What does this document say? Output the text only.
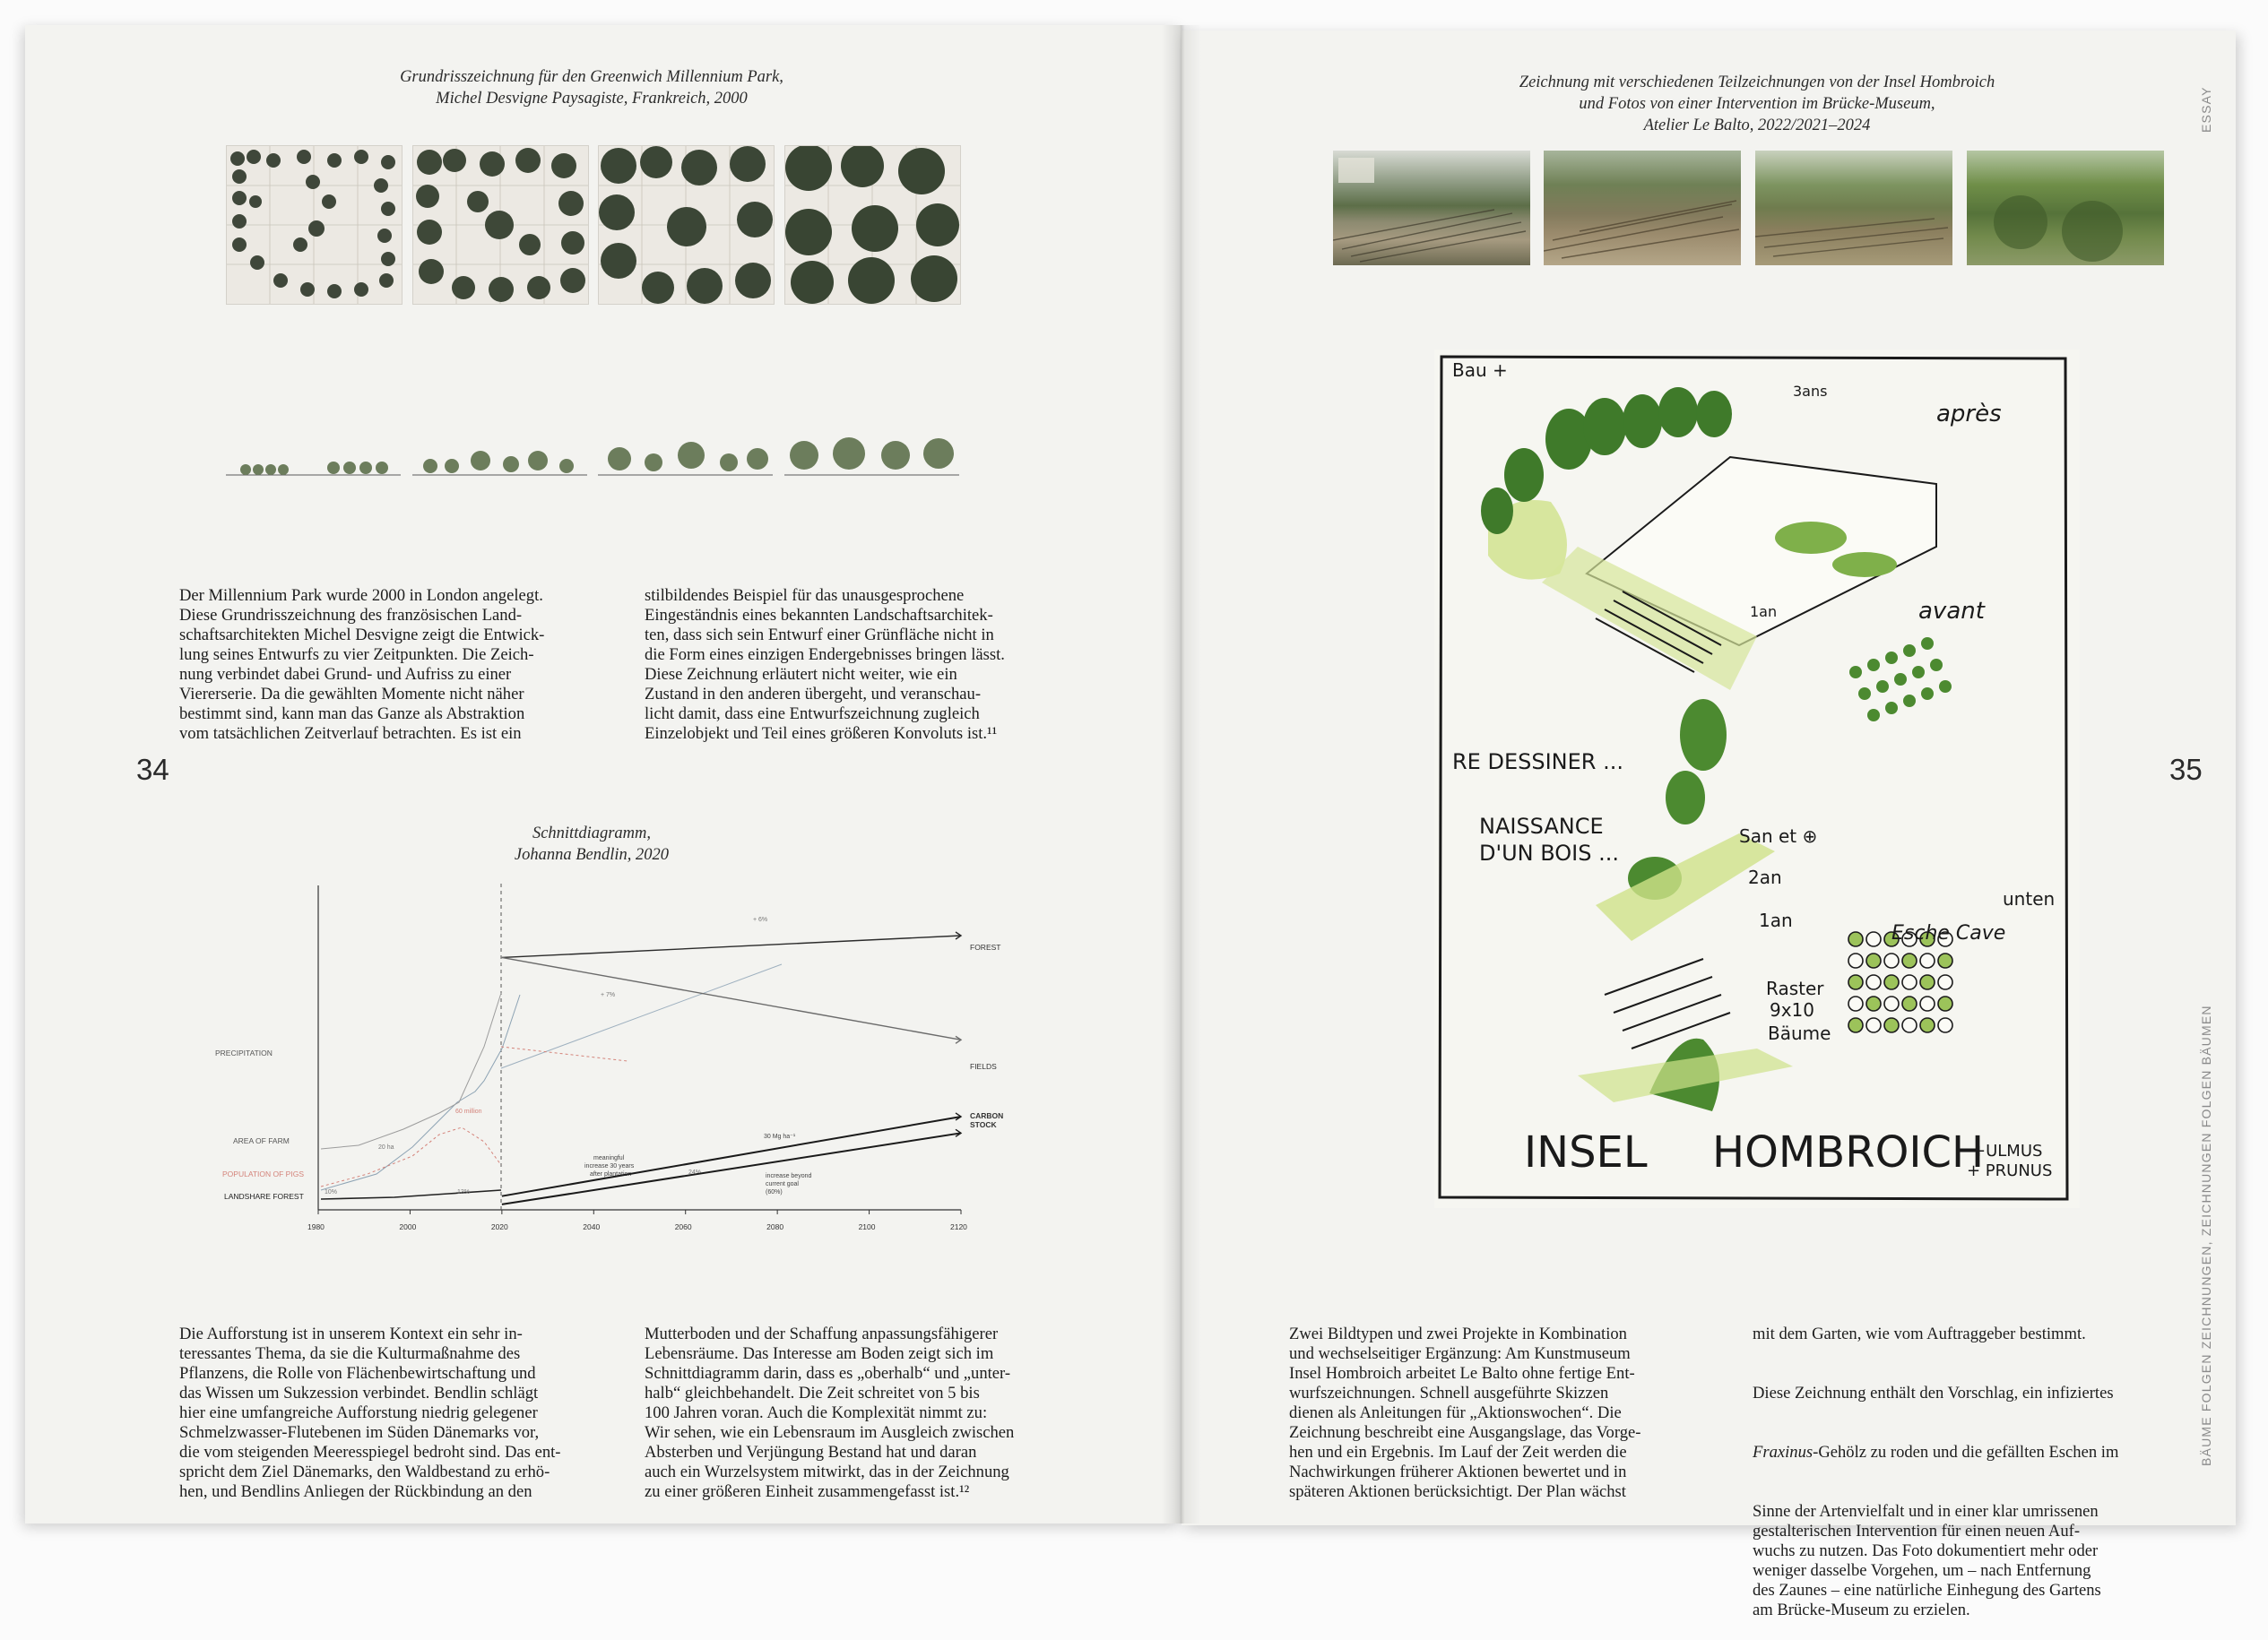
Grundrisszeichnung für den Greenwich Millennium Park,
Michel Desvigne Paysagiste, Frankreich, 2000

Der Millennium Park wurde 2000 in London angelegt.
Diese Grundrisszeichnung des französischen Land-
schaftsarchitekten Michel Desvigne zeigt die Entwick-
lung seines Entwurfs zu vier Zeitpunkten. Die Zeich-
nung verbindet dabei Grund- und Aufriss zu einer
Viererserie. Da die gewählten Momente nicht näher
bestimmt sind, kann man das Ganze als Abstraktion
vom tatsächlichen Zeitverlauf betrachten. Es ist ein

stilbildendes Beispiel für das unausgesprochene
Eingeständnis eines bekannten Landschaftsarchitek-
ten, dass sich sein Entwurf einer Grünfläche nicht in
die Form eines einzigen Endergebnisses bringen lässt.
Diese Zeichnung erläutert nicht weiter, wie ein
Zustand in den anderen übergeht, und veranschau-
licht damit, dass eine Entwurfszeichnung zugleich
Einzelobjekt und Teil eines größeren Konvoluts ist.¹¹

34
Schnittdiagramm,
Johanna Bendlin, 2020
PRECIPITATION
AREA OF FARM
POPULATION OF PIGS
LANDSHARE FOREST
20 ha
60 million
13%
10%
24%
+ 6%
+ 7%
30 Mg ha⁻¹
meaningful
increase 30 years
after plantation	increase beyond
current goal
(60%)
FOREST
FIELDS
CARBON
STOCK
1980	2000	2020	2040	2060	2080	2100	2120

Die Aufforstung ist in unserem Kontext ein sehr in-
teressantes Thema, da sie die Kulturmaßnahme des
Pflanzens, die Rolle von Flächenbewirtschaftung und
das Wissen um Sukzession verbindet. Bendlin schlägt
hier eine umfangreiche Aufforstung niedrig gelegener
Schmelzwasser-Flutebenen im Süden Dänemarks vor,
die vom steigenden Meeresspiegel bedroht sind. Das ent-
spricht dem Ziel Dänemarks, den Waldbestand zu erhö-
hen, und Bendlins Anliegen der Rückbindung an den

Mutterboden und der Schaffung anpassungsfähigerer
Lebensräume. Das Interesse am Boden zeigt sich im
Schnittdiagramm darin, dass es „oberhalb“ und „unter-
halb“ gleichbehandelt. Die Zeit schreitet von 5 bis
100 Jahren voran. Auch die Komplexität nimmt zu:
Wir sehen, wie ein Lebensraum im Ausgleich zwischen
Absterben und Verjüngung Bestand hat und daran
auch ein Wurzelsystem mitwirkt, das in der Zeichnung
zu einer größeren Einheit zusammengefasst ist.¹²

Zeichnung mit verschiedenen Teilzeichnungen von der Insel Hombroich
und Fotos von einer Intervention im Brücke-Museum,
Atelier Le Balto, 2022/2021–2024	ESSAY
BÄUME FOLGEN ZEICHNUNGEN, ZEICHNUNGEN FOLGEN BÄUMEN
Bau +
3ans
après
avant
1an
RE DESSINER ...
NAISSANCE
D'UN BOIS ...
San et ⊕
2an
1an
unten
Esche Cave
Raster
9x10
Bäume
INSEL HOMBROICH
+ULMUS
+ PRUNUS
35

Zwei Bildtypen und zwei Projekte in Kombination
und wechselseitiger Ergänzung: Am Kunstmuseum
Insel Hombroich arbeitet Le Balto ohne fertige Ent-
wurfszeichnungen. Schnell ausgeführte Skizzen
dienen als Anleitungen für „Aktionswochen“. Die
Zeichnung beschreibt eine Ausgangslage, das Vorge-
hen und ein Ergebnis. Im Lauf der Zeit werden die
Nachwirkungen früherer Aktionen bewertet und in
späteren Aktionen berücksichtigt. Der Plan wächst

mit dem Garten, wie vom Auftraggeber bestimmt.

Diese Zeichnung enthält den Vorschlag, ein infiziertes

Fraxinus-Gehölz zu roden und die gefällten Eschen im

Sinne der Artenvielfalt und in einer klar umrissenen
gestalterischen Intervention für einen neuen Auf-
wuchs zu nutzen. Das Foto dokumentiert mehr oder
weniger dasselbe Vorgehen, um – nach Entfernung
des Zaunes – eine natürliche Einhegung des Gartens
am Brücke-Museum zu erzielen.
